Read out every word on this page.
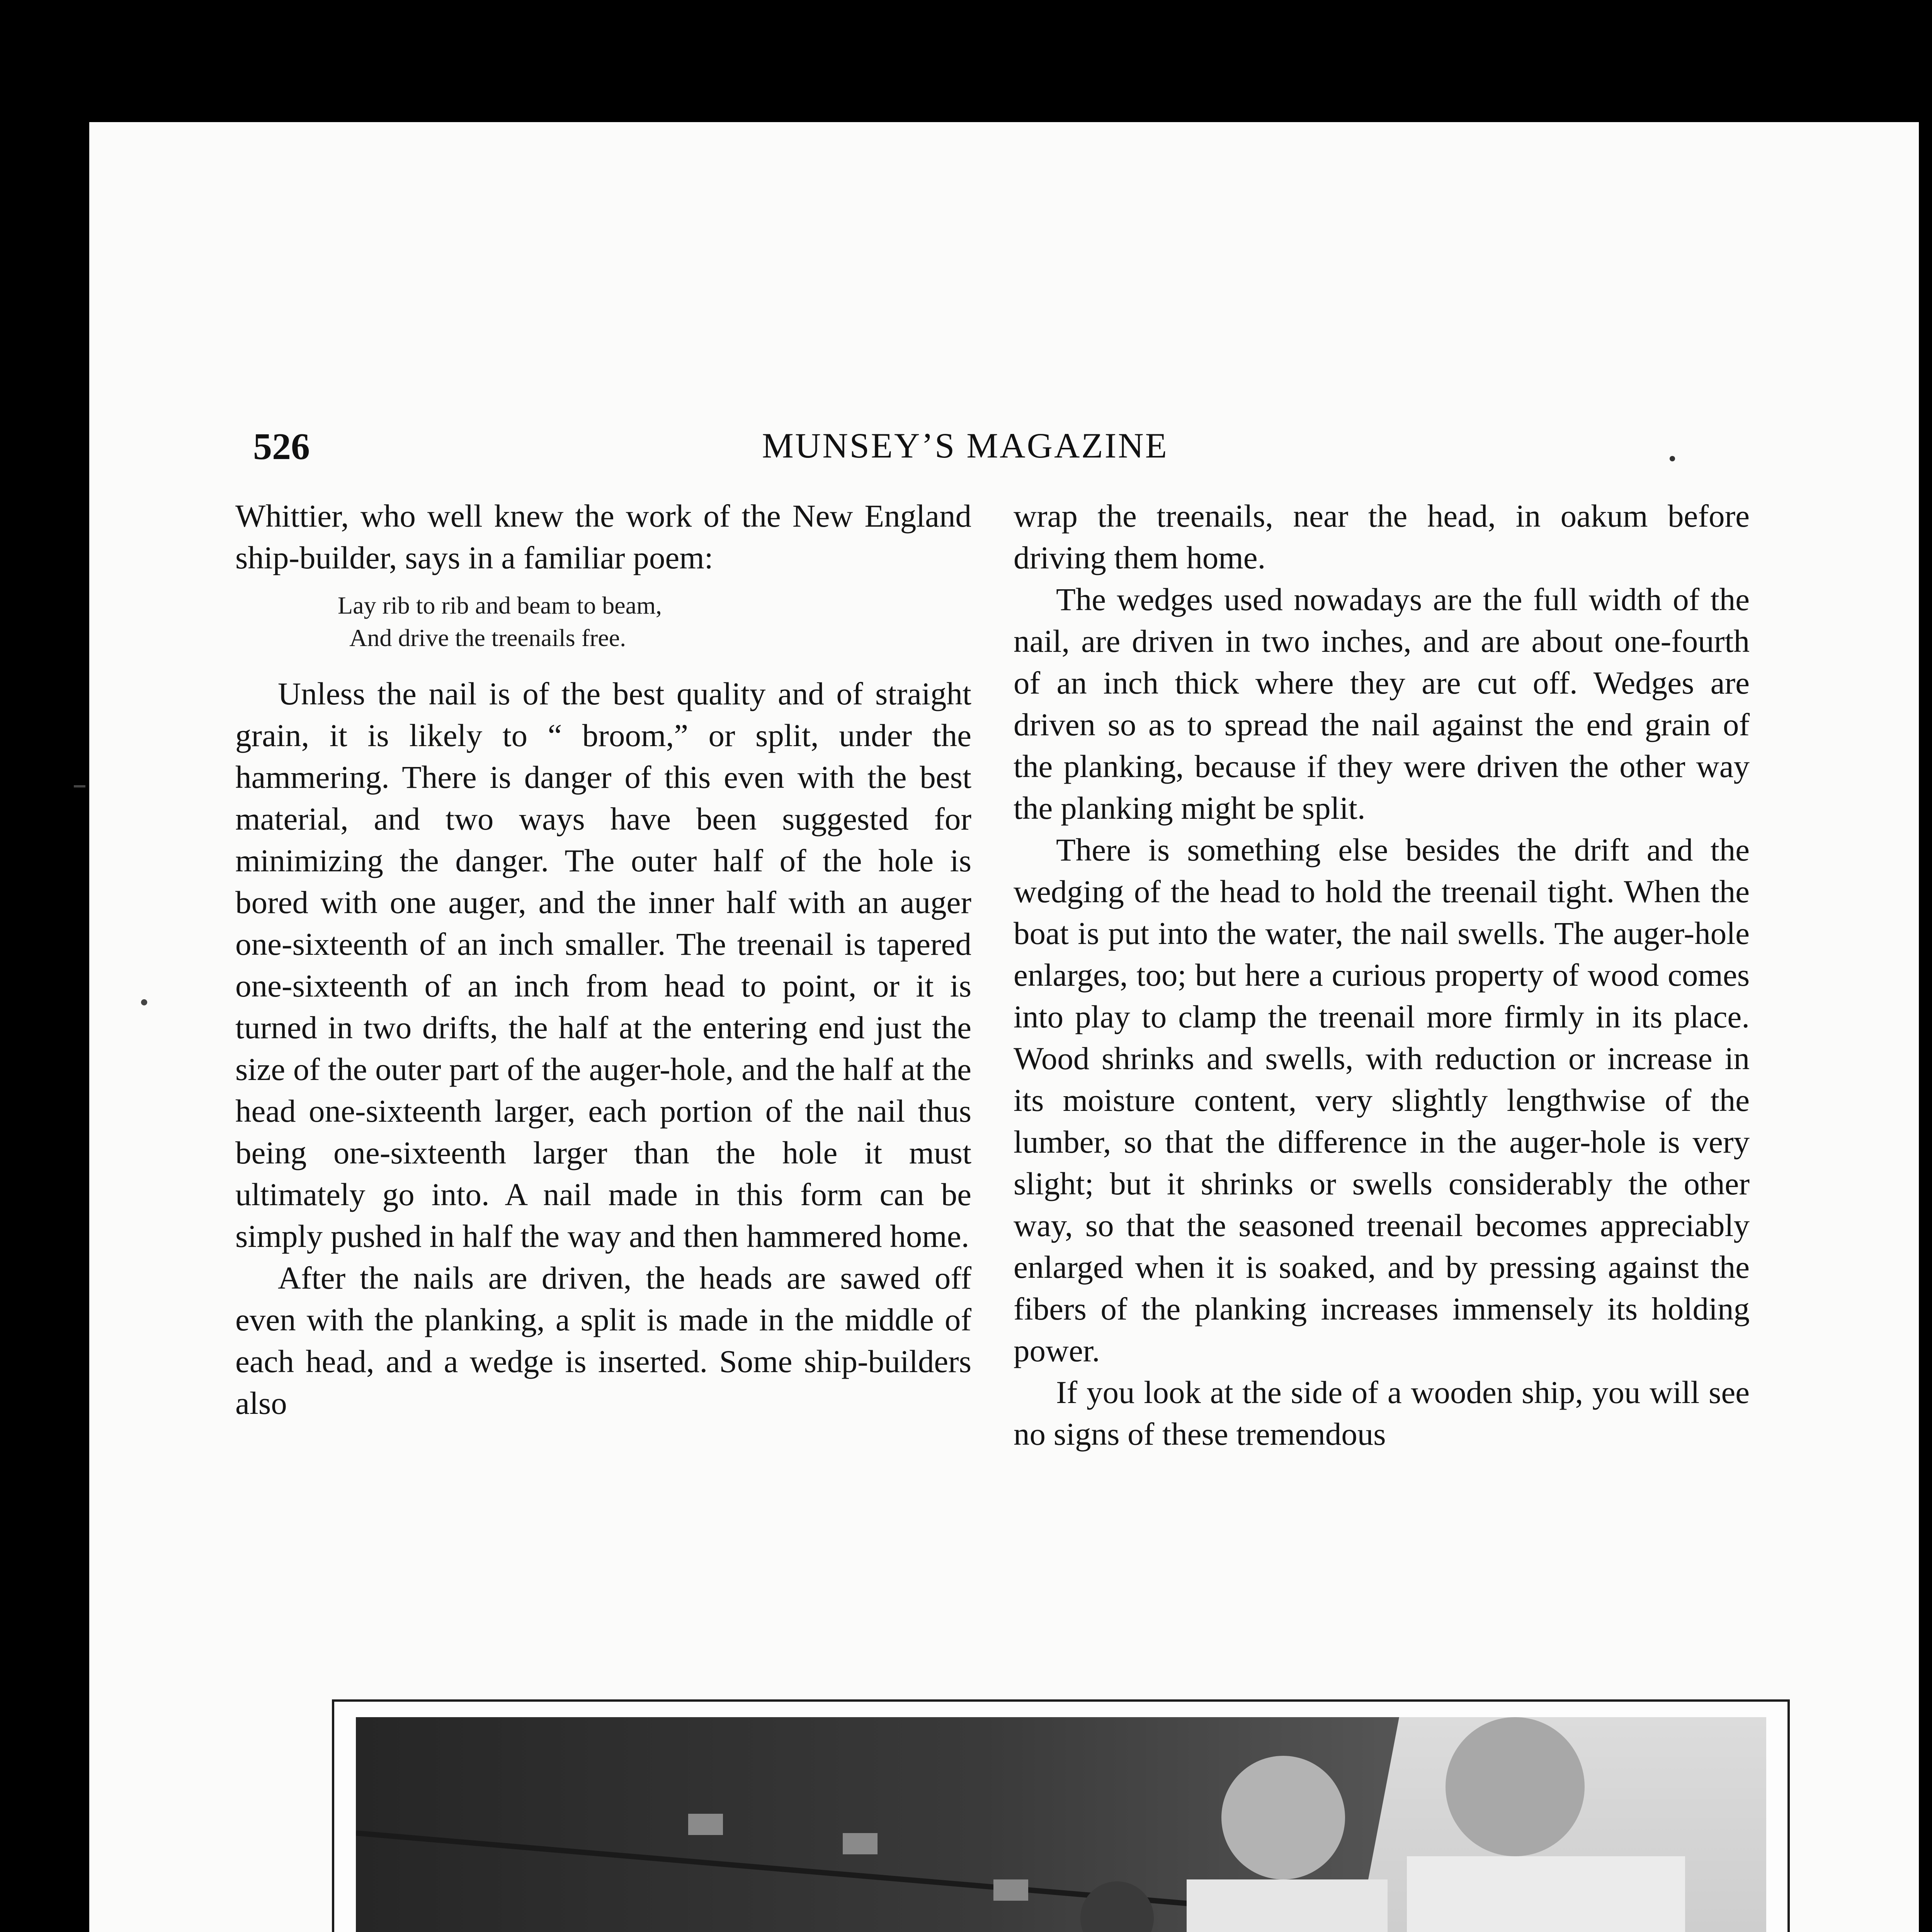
526	MUNSEY’S MAGAZINE

Whittier, who well knew the work of the New England ship-builder, says in a familiar poem:

Lay rib to rib and beam to beam,
And drive the treenails free.

Unless the nail is of the best quality and of straight grain, it is likely to “ broom,” or split, under the hammering. There is danger of this even with the best material, and two ways have been suggested for minimizing the danger. The outer half of the hole is bored with one auger, and the inner half with an auger one-sixteenth of an inch smaller. The treenail is tapered one-sixteenth of an inch from head to point, or it is turned in two drifts, the half at the entering end just the size of the outer part of the auger-hole, and the half at the head one-sixteenth larger, each portion of the nail thus being one-sixteenth larger than the hole it must ultimately go into. A nail made in this form can be simply pushed in half the way and then hammered home.

After the nails are driven, the heads are sawed off even with the planking, a split is made in the middle of each head, and a wedge is inserted. Some ship-builders also

wrap the treenails, near the head, in oakum before driving them home.

The wedges used nowadays are the full width of the nail, are driven in two inches, and are about one-fourth of an inch thick where they are cut off. Wedges are driven so as to spread the nail against the end grain of the planking, because if they were driven the other way the planking might be split.

There is something else besides the drift and the wedging of the head to hold the treenail tight. When the boat is put into the water, the nail swells. The auger-hole enlarges, too; but here a curious property of wood comes into play to clamp the treenail more firmly in its place. Wood shrinks and swells, with reduction or increase in its moisture content, very slightly lengthwise of the lumber, so that the difference in the auger-hole is very slight; but it shrinks or swells considerably the other way, so that the seasoned treenail becomes appreciably enlarged when it is soaked, and by pressing against the fibers of the planking increases immensely its holding power.

If you look at the side of a wooden ship, you will see no signs of these tremendous
